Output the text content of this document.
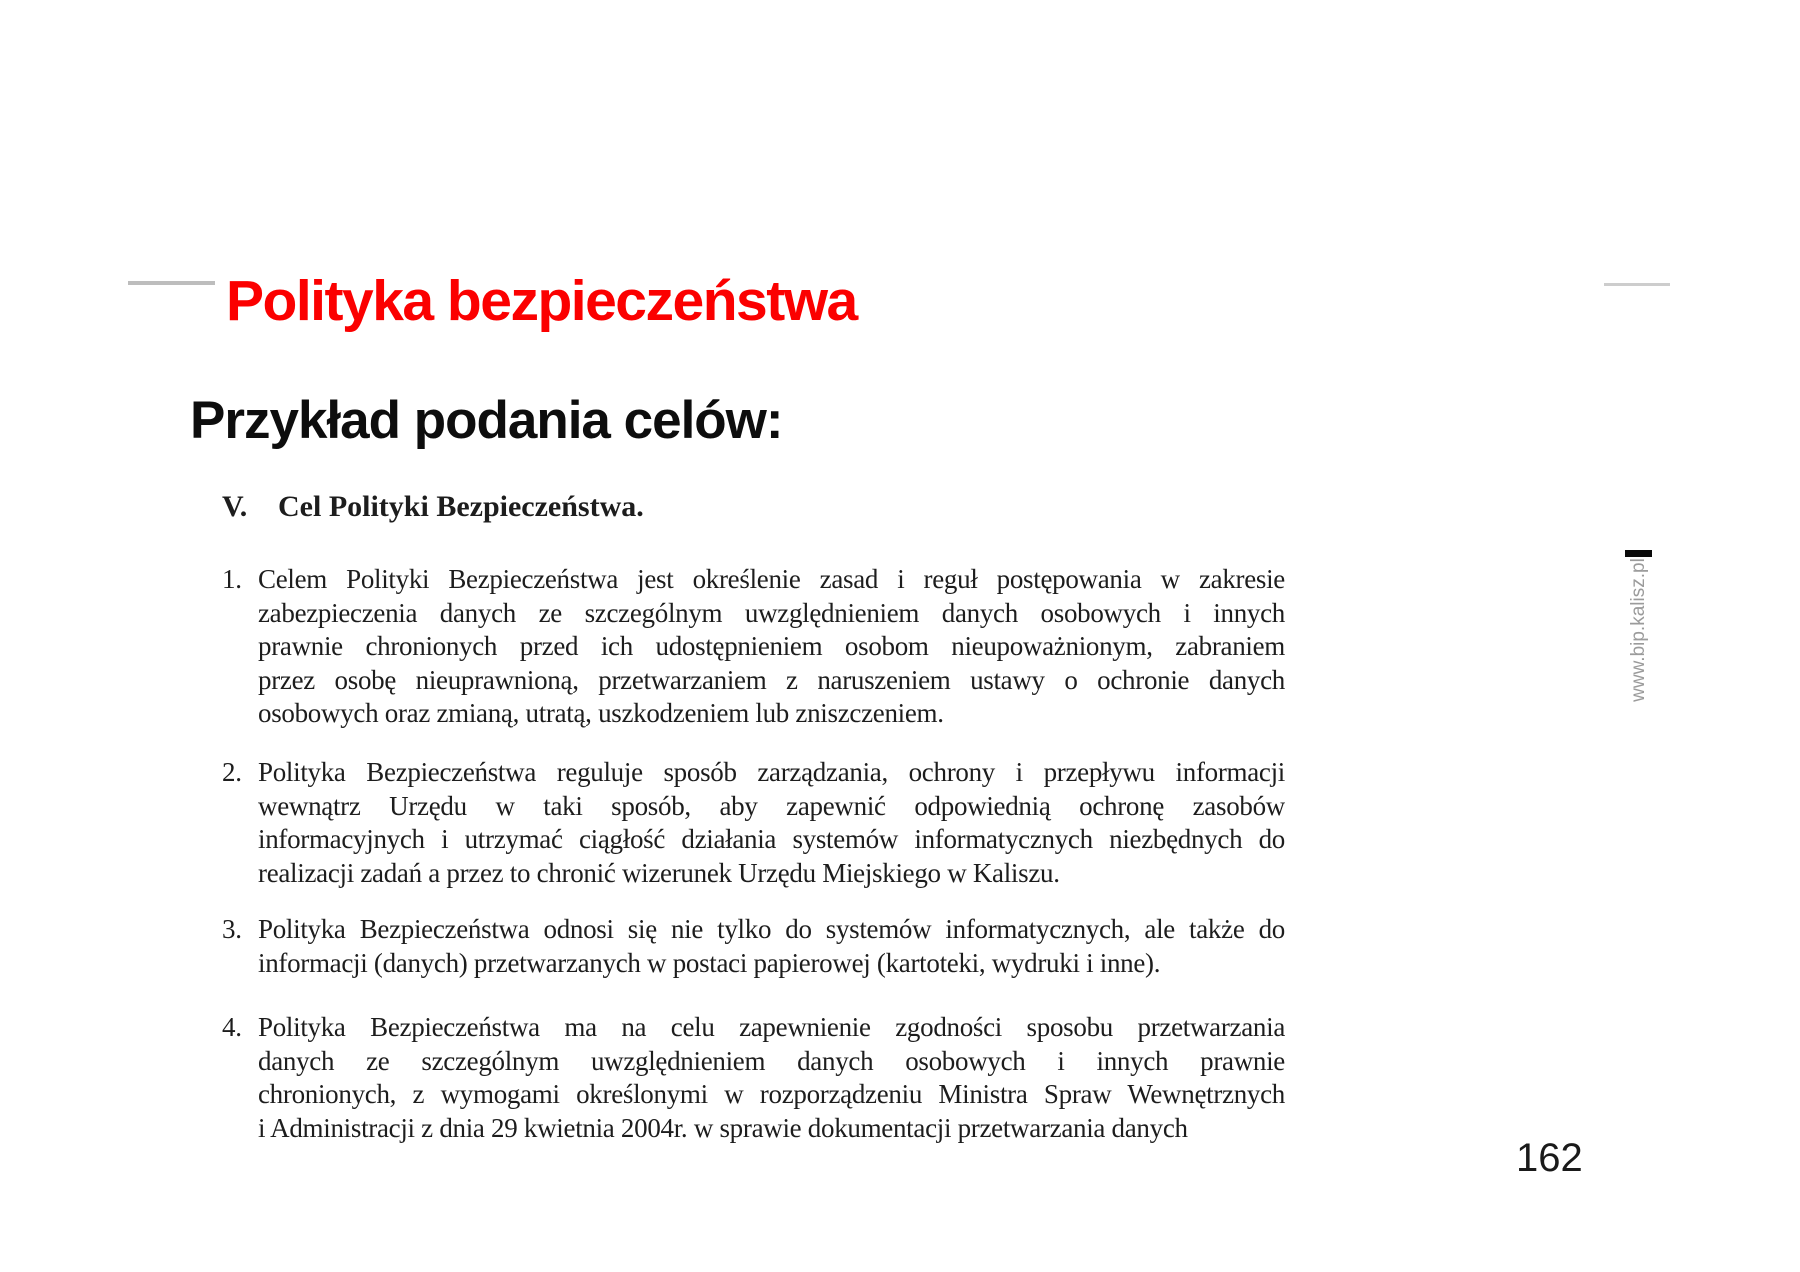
Polityka bezpieczeństwa
Przykład podania celów:
V. Cel Polityki Bezpieczeństwa.
1. Celem Polityki Bezpieczeństwa jest określenie zasad i reguł postępowania w zakresie
zabezpieczenia danych ze szczególnym uwzględnieniem danych osobowych i innych
prawnie chronionych przed ich udostępnieniem osobom nieupoważnionym, zabraniem
przez osobę nieuprawnioną, przetwarzaniem z naruszeniem ustawy o ochronie danych
osobowych oraz zmianą, utratą, uszkodzeniem lub zniszczeniem.
2. Polityka Bezpieczeństwa reguluje sposób zarządzania, ochrony i przepływu informacji
wewnątrz Urzędu w taki sposób, aby zapewnić odpowiednią ochronę zasobów
informacyjnych i utrzymać ciągłość działania systemów informatycznych niezbędnych do
realizacji zadań a przez to chronić wizerunek Urzędu Miejskiego w Kaliszu.
3. Polityka Bezpieczeństwa odnosi się nie tylko do systemów informatycznych, ale także do
informacji (danych) przetwarzanych w postaci papierowej (kartoteki, wydruki i inne).
4. Polityka Bezpieczeństwa ma na celu zapewnienie zgodności sposobu przetwarzania
danych ze szczególnym uwzględnieniem danych osobowych i innych prawnie
chronionych, z wymogami określonymi w rozporządzeniu Ministra Spraw Wewnętrznych
i Administracji z dnia 29 kwietnia 2004r. w sprawie dokumentacji przetwarzania danych
www.bip.kalisz.pl
162
